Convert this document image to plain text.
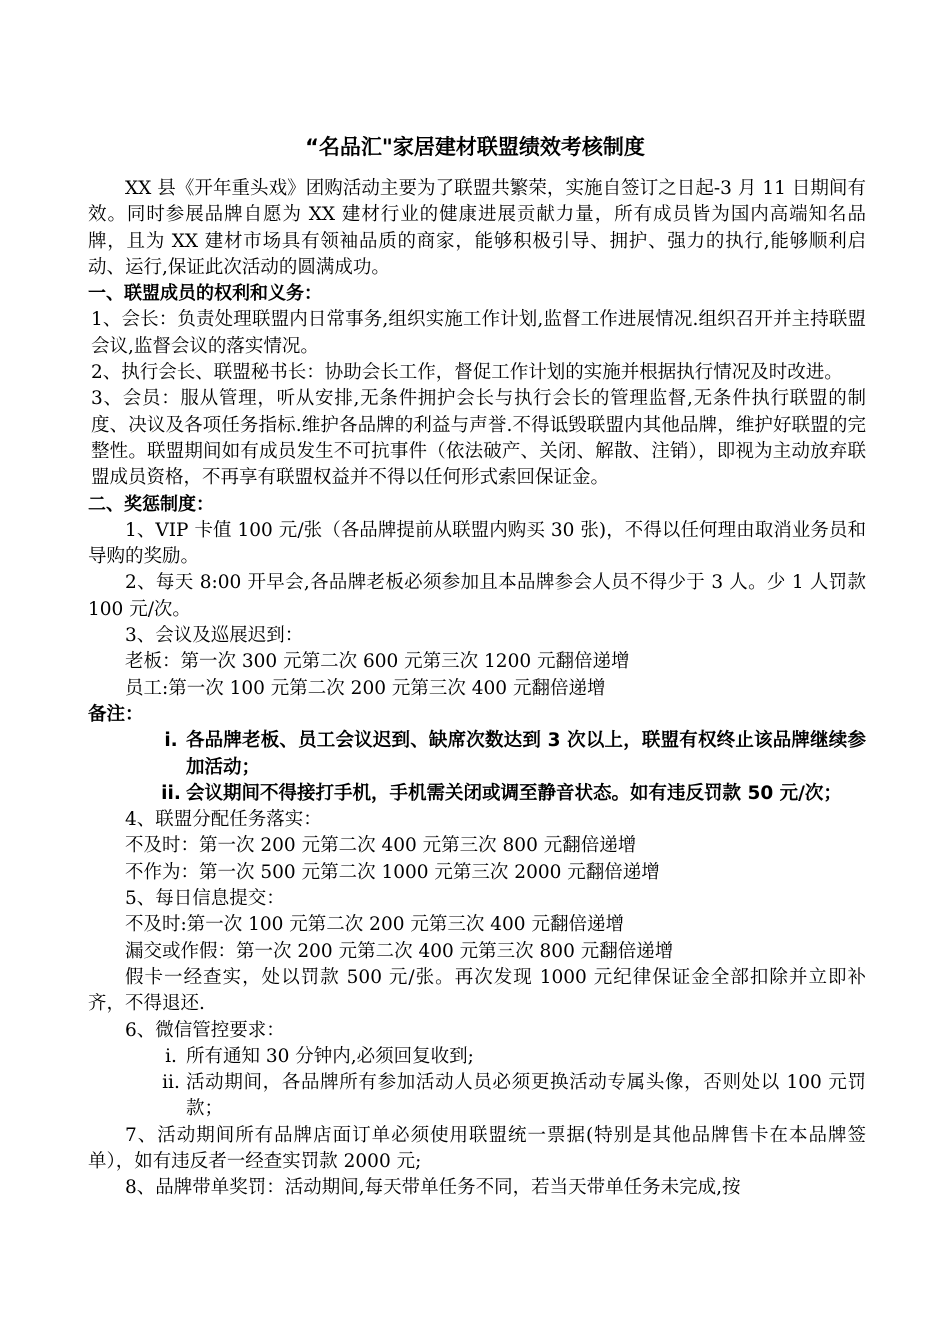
“名品汇"家居建材联盟绩效考核制度

XX 县《开年重头戏》团购活动主要为了联盟共繁荣，实施自签订之日起-3 月 11 日期间有效。同时参展品牌自愿为 XX 建材行业的健康进展贡献力量，所有成员皆为国内高端知名品牌，且为 XX 建材市场具有领袖品质的商家，能够积极引导、拥护、强力的执行,能够顺利启动、运行,保证此次活动的圆满成功。

一、联盟成员的权利和义务：

1、会长：负责处理联盟内日常事务,组织实施工作计划,监督工作进展情况.组织召开并主持联盟会议,监督会议的落实情况。

2、执行会长、联盟秘书长：协助会长工作，督促工作计划的实施并根据执行情况及时改进。

3、会员：服从管理，听从安排,无条件拥护会长与执行会长的管理监督,无条件执行联盟的制度、决议及各项任务指标.维护各品牌的利益与声誉.不得诋毁联盟内其他品牌，维护好联盟的完整性。联盟期间如有成员发生不可抗事件（依法破产、关闭、解散、注销），即视为主动放弃联盟成员资格，不再享有联盟权益并不得以任何形式索回保证金。

二、奖惩制度：

1、VIP 卡值 100 元/张（各品牌提前从联盟内购买 30 张)，不得以任何理由取消业务员和导购的奖励。

2、每天 8:00 开早会,各品牌老板必须参加且本品牌参会人员不得少于 3 人。少 1 人罚款 100 元/次。

3、会议及巡展迟到：

老板：第一次 300 元第二次 600 元第三次 1200 元翻倍递增

员工:第一次 100 元第二次 200 元第三次 400 元翻倍递增

备注：

i. 各品牌老板、员工会议迟到、缺席次数达到 3 次以上，联盟有权终止该品牌继续参加活动；
ii. 会议期间不得接打手机，手机需关闭或调至静音状态。如有违反罚款 50 元/次；

4、联盟分配任务落实：

不及时：第一次 200 元第二次 400 元第三次 800 元翻倍递增

不作为：第一次 500 元第二次 1000 元第三次 2000 元翻倍递增

5、每日信息提交：

不及时:第一次 100 元第二次 200 元第三次 400 元翻倍递增

漏交或作假：第一次 200 元第二次 400 元第三次 800 元翻倍递增

假卡一经查实，处以罚款 500 元/张。再次发现 1000 元纪律保证金全部扣除并立即补齐，不得退还.

6、微信管控要求：

i. 所有通知 30 分钟内,必须回复收到;
ii. 活动期间，各品牌所有参加活动人员必须更换活动专属头像，否则处以 100 元罚款；

7、活动期间所有品牌店面订单必须使用联盟统一票据(特别是其他品牌售卡在本品牌签单），如有违反者一经查实罚款 2000 元;

8、品牌带单奖罚：活动期间,每天带单任务不同，若当天带单任务未完成,按
